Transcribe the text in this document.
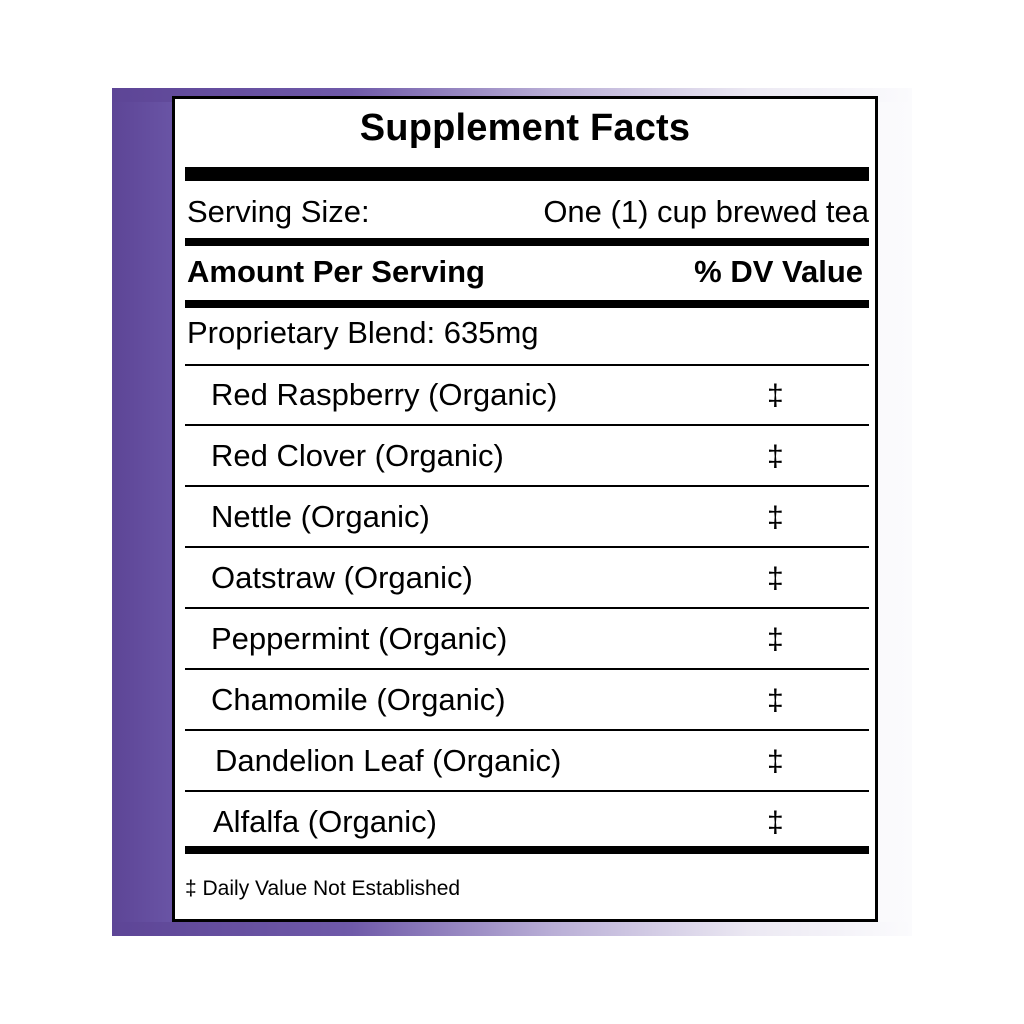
Supplement Facts
Serving Size:	One (1) cup brewed tea
Amount Per Serving	% DV Value
Proprietary Blend: 635mg
Red Raspberry (Organic)	‡
Red Clover (Organic)	‡
Nettle (Organic)	‡
Oatstraw (Organic)	‡
Peppermint (Organic)	‡
Chamomile (Organic)	‡
Dandelion Leaf (Organic)	‡
Alfalfa (Organic)	‡
‡ Daily Value Not Established
